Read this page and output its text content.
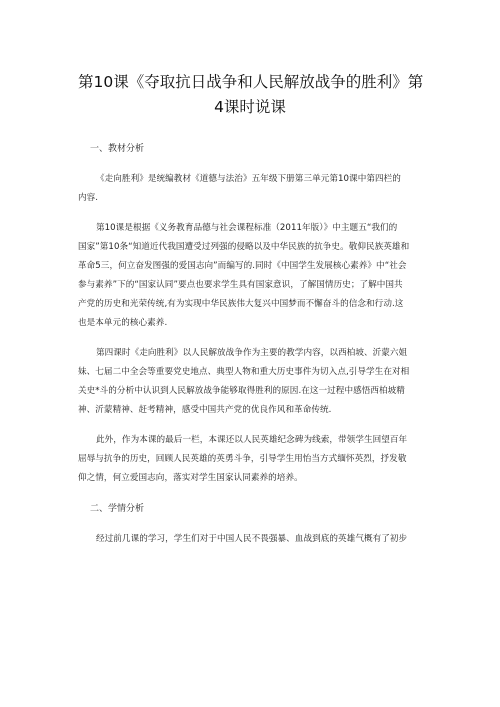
第10课《夺取抗日战争和人民解放战争的胜利》第
4课时说课
一、教材分析
《走向胜利》是统编教材《道德与法治》五年级下册第三单元第10课中第四栏的
内容.
第10课是根据《义务教育品德与社会课程标准（2011年版）》中主题五“我们的
国家”第10条“知道近代我国遭受过列强的侵略以及中华民族的抗争史。敬仰民族英雄和
革命5三，何立奋发图强的爱国志向”而编写的.同时《中国学生发展核心素养》中“社会
参与素养”下的“国家认同”要点也要求学生具有国家意识，了解国情历史；了解中国共
产党的历史和光荣传统,有为实现中华民族伟大复兴中国梦而不懈奋斗的信念和行动.这
也是本单元的核心素养.
第四课时《走向胜利》以人民解放战争作为主要的教学内容，以西柏坡、沂蒙六姐
妹、七届二中全会等重要党史地点、典型人物和重大历史事件为切入点,引导学生在对相
关史*斗的分析中认识到人民解放战争能够取得胜利的原因.在这一过程中感悟西柏坡精
神、沂蒙精神、赶考精神，感受中国共产党的优良作风和革命传统.
此外，作为本课的最后一栏，本课还以人民英雄纪念碑为线索，带领学生回望百年
屈辱与抗争的历史，回顾人民英雄的英勇斗争，引导学生用怡当方式缅怀英烈，抒发敬
仰之情，何立爱国志向，落实对学生国家认同素养的培养。
二、学情分析
经过前几课的学习，学生们对于中国人民不畏强暴、血战到底的英雄气概有了初步
